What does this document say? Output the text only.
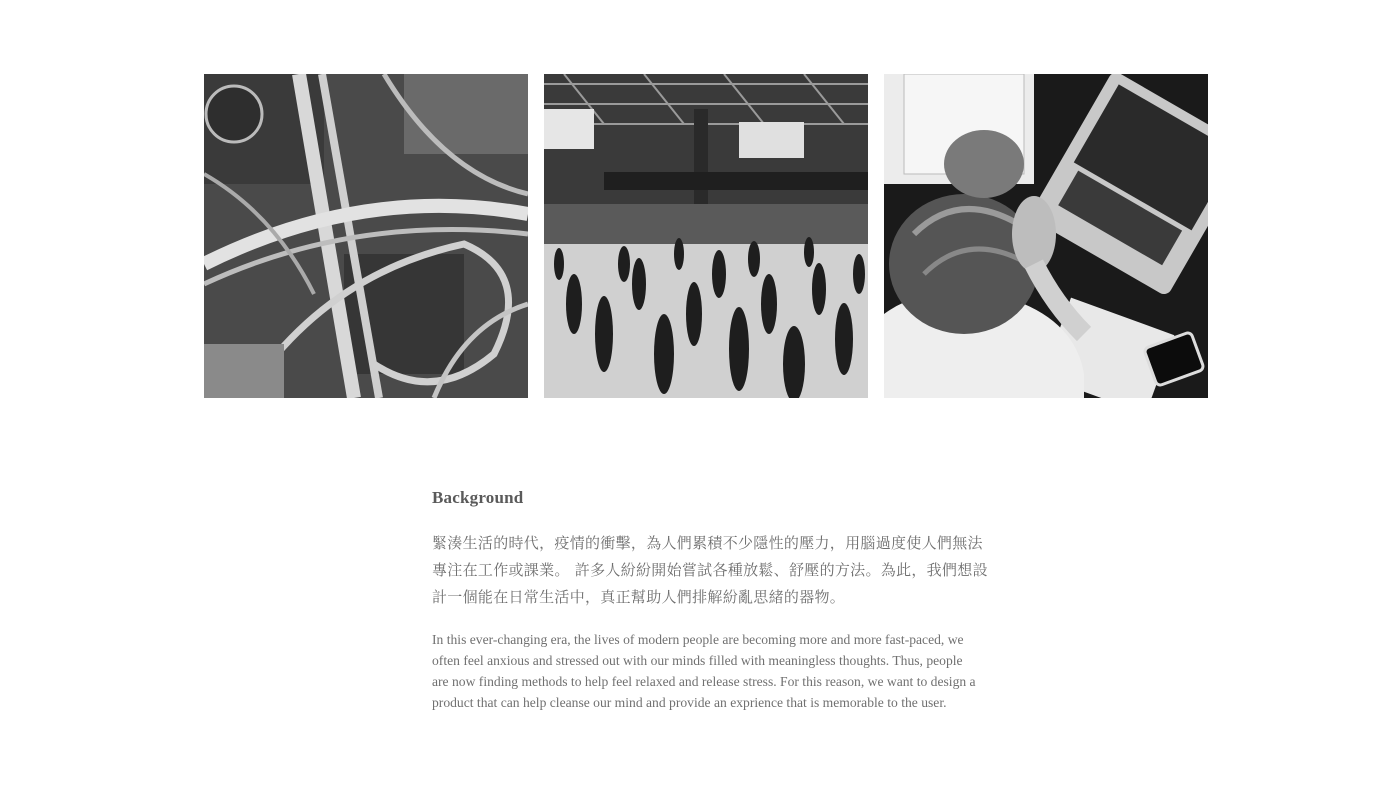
Background

緊湊生活的時代，疫情的衝擊，為人們累積不少隱性的壓力，用腦過度使人們無法
專注在工作或課業。 許多人紛紛開始嘗試各種放鬆、舒壓的方法。為此，我們想設
計一個能在日常生活中，真正幫助人們排解紛亂思緒的器物。

In this ever-changing era, the lives of modern people are becoming more and more fast-paced, we
often feel anxious and stressed out with our minds filled with meaningless thoughts. Thus, people
are now finding methods to help feel relaxed and release stress. For this reason, we want to design a
product that can help cleanse our mind and provide an exprience that is memorable to the user.
